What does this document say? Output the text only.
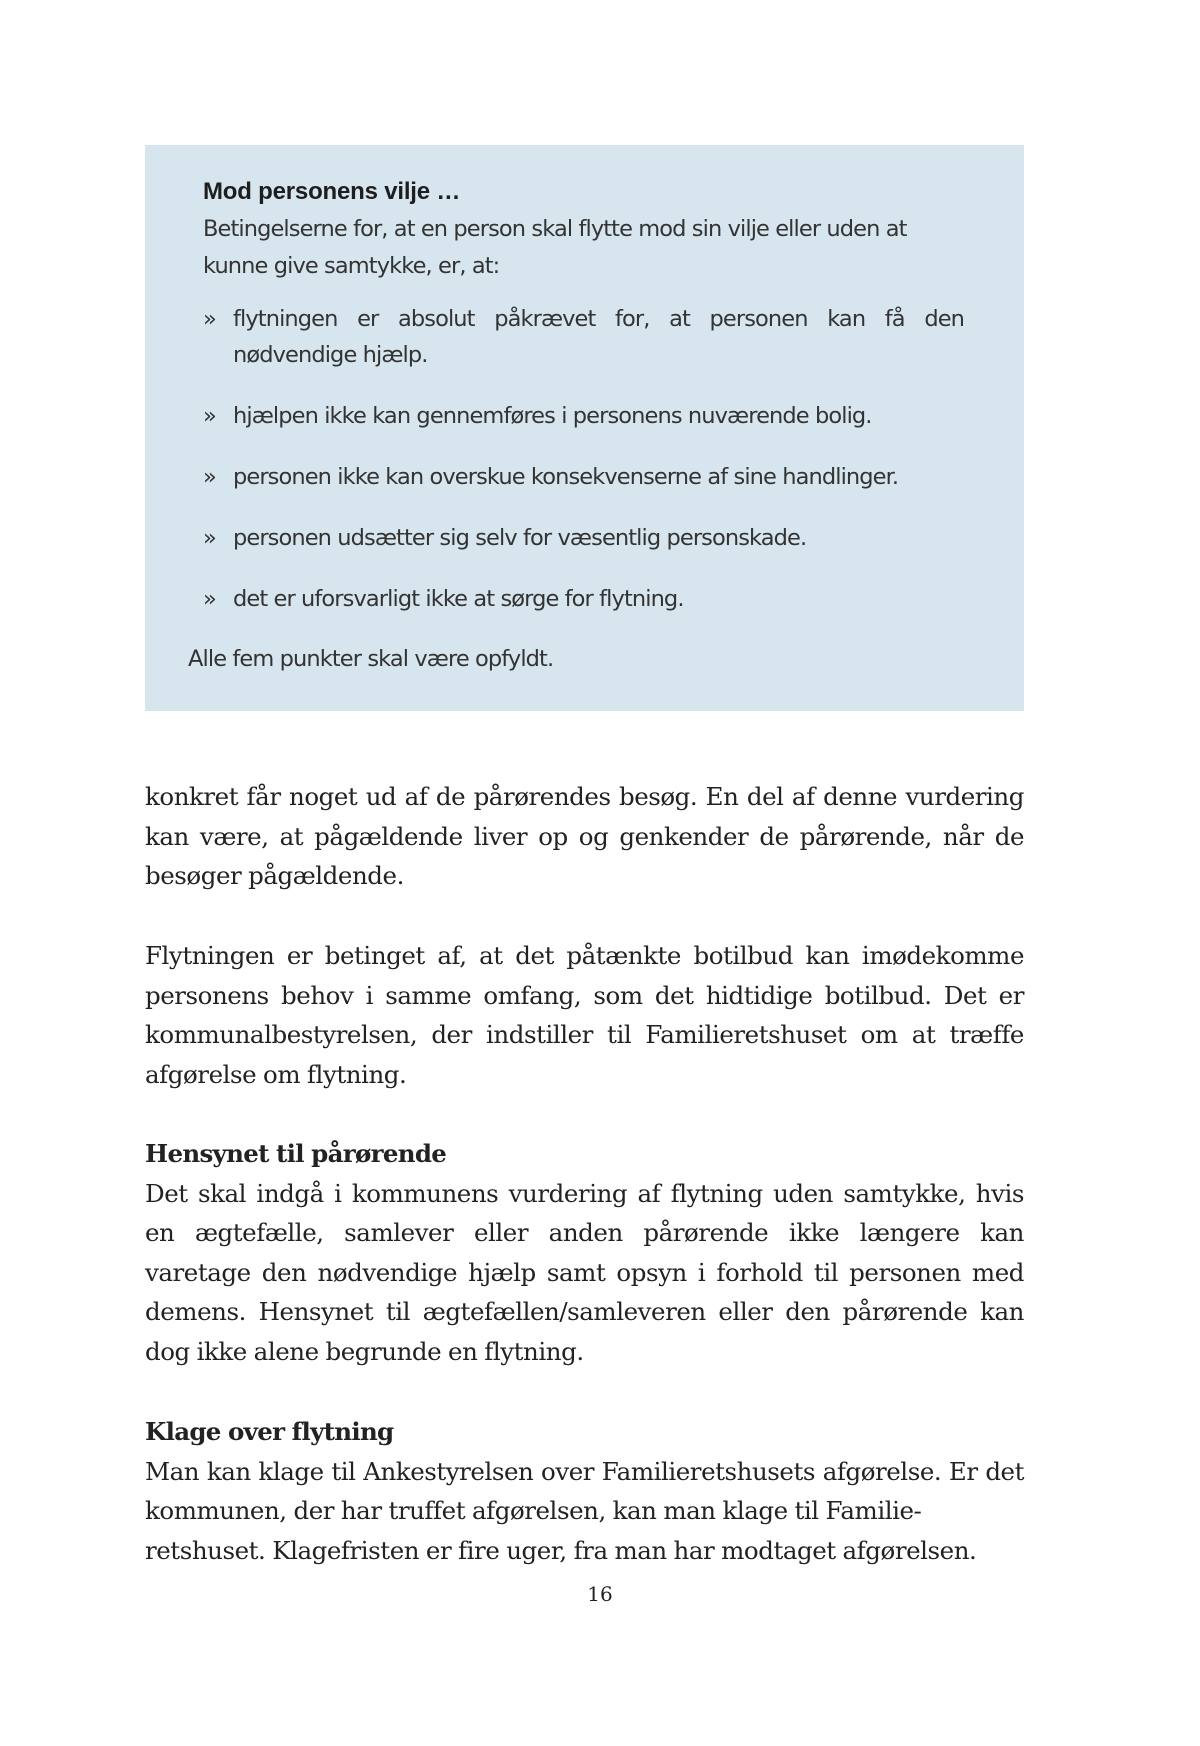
Mod personens vilje …

Betingelserne for, at en person skal flytte mod sin vilje eller uden at kunne give samtykke, er, at:

» flytningen er absolut påkrævet for, at personen kan få den nødvendige hjælp.
» hjælpen ikke kan gennemføres i personens nuværende bolig.
» personen ikke kan overskue konsekvenserne af sine handlinger.
» personen udsætter sig selv for væsentlig personskade.
» det er uforsvarligt ikke at sørge for flytning.

Alle fem punkter skal være opfyldt.

konkret får noget ud af de pårørendes besøg. En del af denne vurdering kan være, at pågældende liver op og genkender de pårørende, når de besøger pågældende.

Flytningen er betinget af, at det påtænkte botilbud kan imødekomme personens behov i samme omfang, som det hidtidige botilbud. Det er kommunalbestyrelsen, der indstiller til Familieretshuset om at træffe afgørelse om flytning.

Hensynet til pårørende

Det skal indgå i kommunens vurdering af flytning uden samtykke, hvis en ægtefælle, samlever eller anden pårørende ikke længere kan varetage den nødvendige hjælp samt opsyn i forhold til personen med demens. Hensynet til ægtefællen/samleveren eller den pårørende kan dog ikke alene begrunde en flytning.

Klage over flytning

Man kan klage til Ankestyrelsen over Familieretshusets afgørelse. Er det kommunen, der har truffet afgørelsen, kan man klage til Familie-

retshuset. Klagefristen er fire uger, fra man har modtaget afgørelsen.

16
